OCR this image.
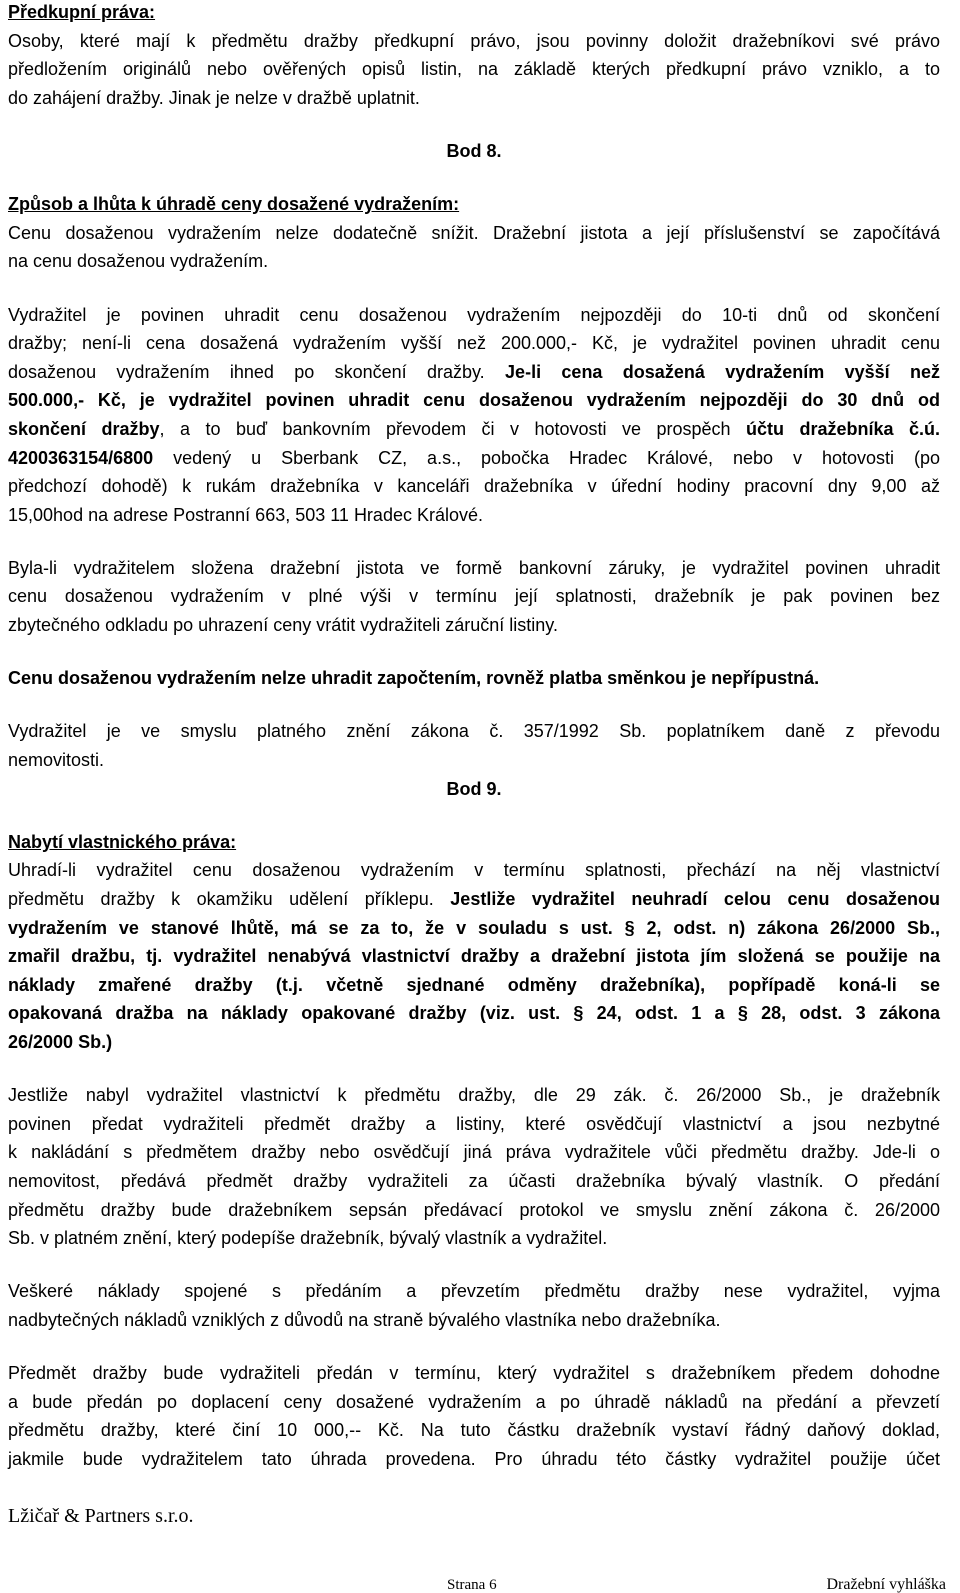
Předkupní práva:
Osoby, které mají k předmětu dražby předkupní právo, jsou povinny doložit dražebníkovi své právo
předložením originálů nebo ověřených opisů listin, na základě kterých předkupní právo vzniklo, a to
do zahájení dražby. Jinak je nelze v dražbě uplatnit.
Bod 8.
Způsob a lhůta k úhradě ceny dosažené vydražením:
Cenu dosaženou vydražením nelze dodatečně snížit. Dražební jistota a její příslušenství se započítává
na cenu dosaženou vydražením.
Vydražitel je povinen uhradit cenu dosaženou vydražením nejpozději do 10-ti dnů od skončení
dražby; není-li cena dosažená vydražením vyšší než 200.000,- Kč, je vydražitel povinen uhradit cenu
dosaženou vydražením ihned po skončení dražby. Je-li cena dosažená vydražením vyšší než
500.000,- Kč, je vydražitel povinen uhradit cenu dosaženou vydražením nejpozději do 30 dnů od
skončení dražby, a to buď bankovním převodem či v hotovosti ve prospěch účtu dražebníka č.ú.
4200363154/6800 vedený u Sberbank CZ, a.s., pobočka Hradec Králové, nebo v hotovosti (po
předchozí dohodě) k rukám dražebníka v kanceláři dražebníka v úřední hodiny pracovní dny 9,00 až
15,00hod na adrese Postranní 663, 503 11 Hradec Králové.
Byla-li vydražitelem složena dražební jistota ve formě bankovní záruky, je vydražitel povinen uhradit
cenu dosaženou vydražením v plné výši v termínu její splatnosti, dražebník je pak povinen bez
zbytečného odkladu po uhrazení ceny vrátit vydražiteli záruční listiny.
Cenu dosaženou vydražením nelze uhradit započtením, rovněž platba směnkou je nepřípustná.
Vydražitel je ve smyslu platného znění zákona č. 357/1992 Sb. poplatníkem daně z převodu
nemovitosti.
Bod 9.
Nabytí vlastnického práva:
Uhradí-li vydražitel cenu dosaženou vydražením v termínu splatnosti, přechází na něj vlastnictví
předmětu dražby k okamžiku udělení příklepu. Jestliže vydražitel neuhradí celou cenu dosaženou
vydražením ve stanové lhůtě, má se za to, že v souladu s ust. § 2, odst. n) zákona 26/2000 Sb.,
zmařil dražbu, tj. vydražitel nenabývá vlastnictví dražby a dražební jistota jím složená se použije na
náklady zmařené dražby (t.j. včetně sjednané odměny dražebníka), popřípadě koná-li se
opakovaná dražba na náklady opakované dražby (viz. ust. § 24, odst. 1 a § 28, odst. 3 zákona
26/2000 Sb.)
Jestliže nabyl vydražitel vlastnictví k předmětu dražby, dle 29 zák. č. 26/2000 Sb., je dražebník
povinen předat vydražiteli předmět dražby a listiny, které osvědčují vlastnictví a jsou nezbytné
k nakládání s předmětem dražby nebo osvědčují jiná práva vydražitele vůči předmětu dražby. Jde-li o
nemovitost, předává předmět dražby vydražiteli za účasti dražebníka bývalý vlastník. O předání
předmětu dražby bude dražebníkem sepsán předávací protokol ve smyslu znění zákona č. 26/2000
Sb. v platném znění, který podepíše dražebník, bývalý vlastník a vydražitel.
Veškeré náklady spojené s předáním a převzetím předmětu dražby nese vydražitel, vyjma
nadbytečných nákladů vzniklých z důvodů na straně bývalého vlastníka nebo dražebníka.
Předmět dražby bude vydražiteli předán v termínu, který vydražitel s dražebníkem předem dohodne
a bude předán po doplacení ceny dosažené vydražením a po úhradě nákladů na předání a převzetí
předmětu dražby, které činí 10 000,-- Kč. Na tuto částku dražebník vystaví řádný daňový doklad,
jakmile bude vydražitelem tato úhrada provedena. Pro úhradu této částky vydražitel použije účet
Lžičař & Partners s.r.o.
Strana 6	Dražební vyhláška
